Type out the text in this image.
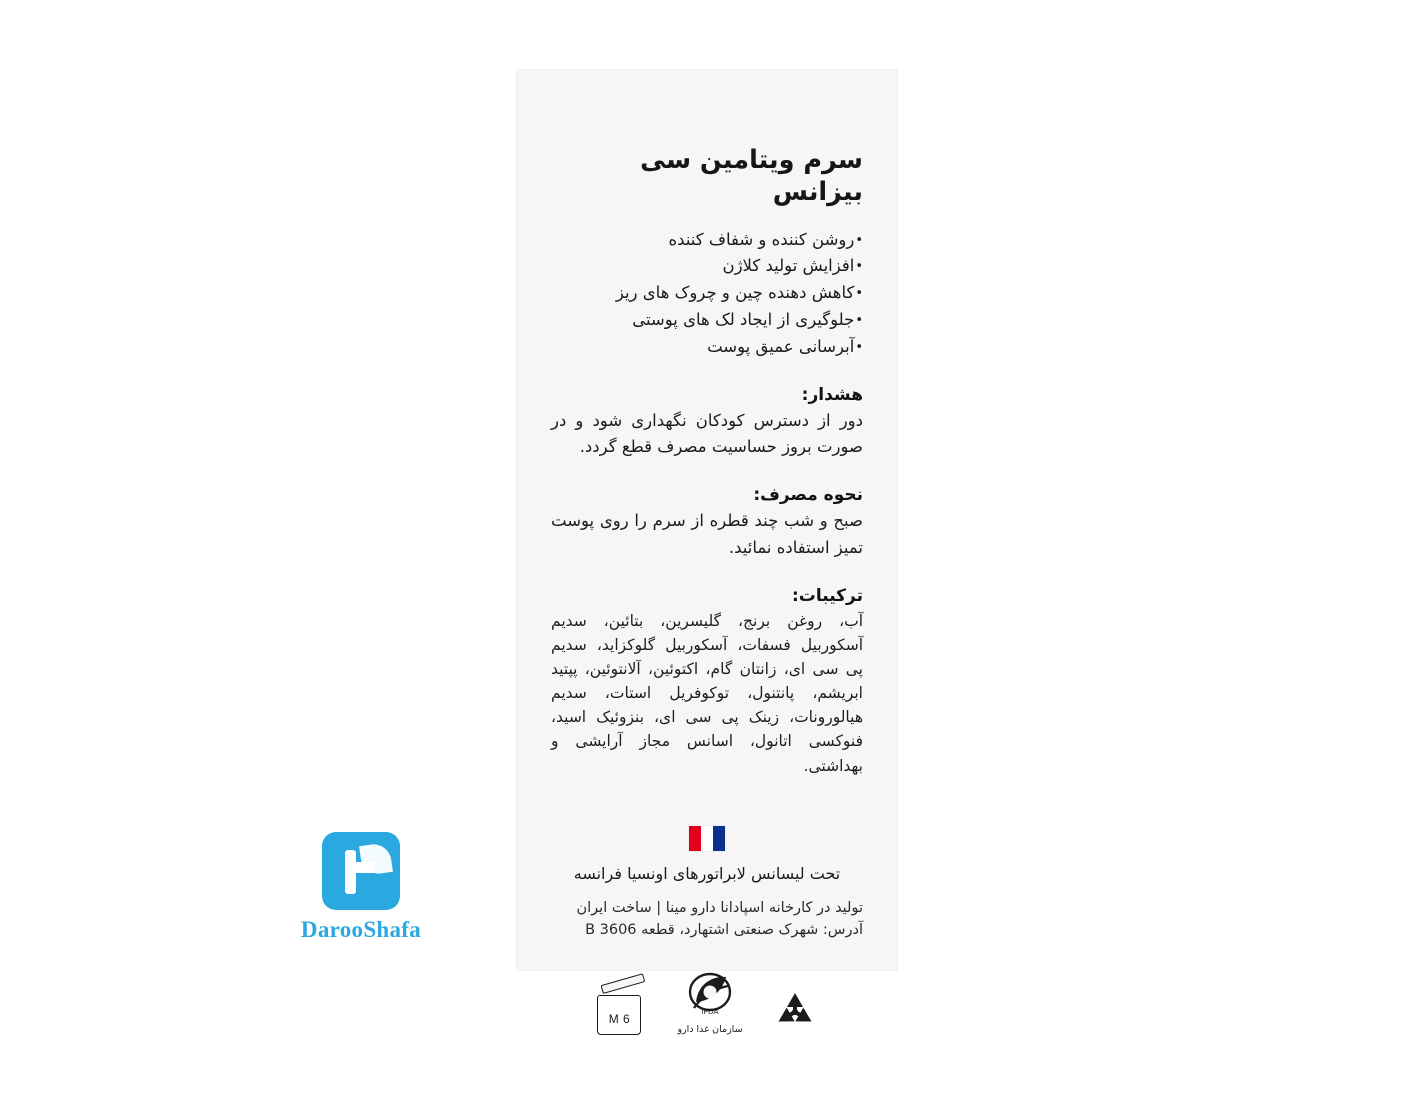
سرم ویتامین سی بیزانس
• روشن کننده و شفاف کننده
• افزایش تولید کلاژن
• کاهش دهنده چین و چروک های ریز
• جلوگیری از ایجاد لک های پوستی
• آبرسانی عمیق پوست
هشدار:

دور از دسترس کودکان نگهداری شود و در صورت بروز حساسیت مصرف قطع گردد.

نحوه مصرف:

صبح و شب چند قطره از سرم را روی پوست تمیز استفاده نمائید.

ترکیبات:

آب، روغن برنج، گلیسرین، بتائین، سدیم آسکوربیل فسفات، آسکوربیل گلوکزاید، سدیم پی سی ای، زانتان گام، اکتوئین، آلانتوئین، پپتید ابریشم، پانتنول، توکوفریل استات، سدیم هیالورونات، زینک پی سی ای، بنزوئیک اسید، فنوکسی اتانول، اسانس مجاز آرایشی و بهداشتی.

تحت لیسانس لابراتورهای اونسیا فرانسه

تولید در کارخانه اسپادانا دارو مینا | ساخت ایران
آدرس: شهرک صنعتی اشتهارد، قطعه 3606 B
6 M
IFDA
سازمان غذا دارو
DarooShafa
